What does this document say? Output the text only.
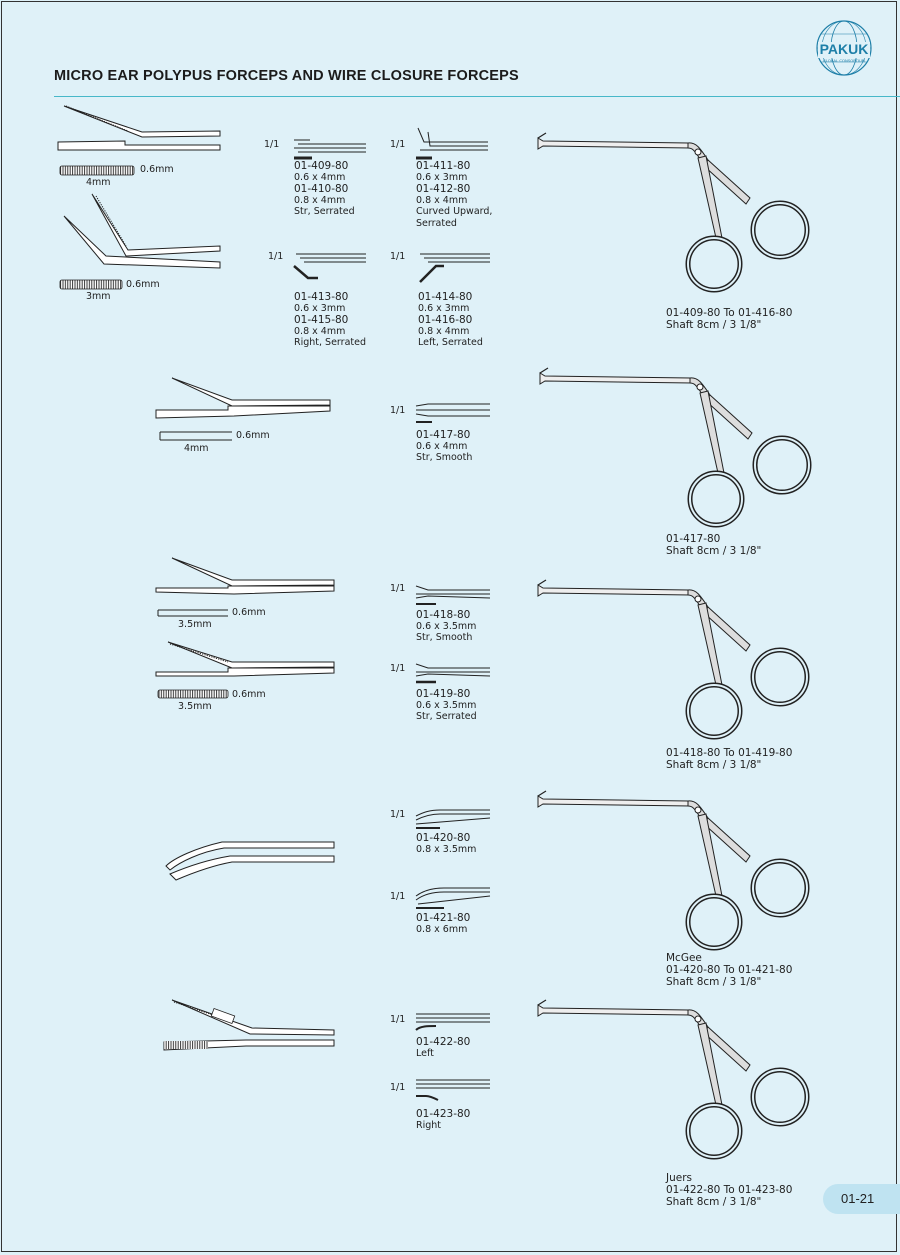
PAKUK
GLOBAL CONSORTIUM
MICRO EAR POLYPUS FORCEPS AND WIRE CLOSURE FORCEPS
0.6mm
4mm
0.6mm
3mm
1/1	1/1
1/1	1/1
1/1
1/1
1/1
1/1
1/1
1/1
1/1
01-409-80
0.6 x 4mm
01-410-80
0.8 x 4mm
Str, Serrated
01-411-80
0.6 x 3mm
01-412-80
0.8 x 4mm
Curved Upward,
Serrated
01-413-80
0.6 x 3mm
01-415-80
0.8 x 4mm
Right, Serrated
01-414-80
0.6 x 3mm
01-416-80
0.8 x 4mm
Left, Serrated
01-409-80 To 01-416-80
Shaft 8cm / 3 1/8"
0.6mm
4mm
01-417-80
0.6 x 4mm
Str, Smooth
01-417-80
Shaft 8cm / 3 1/8"
0.6mm
3.5mm
0.6mm
3.5mm
01-418-80
0.6 x 3.5mm
Str, Smooth
01-419-80
0.6 x 3.5mm
Str, Serrated
01-418-80 To 01-419-80
Shaft 8cm / 3 1/8"
01-420-80
0.8 x 3.5mm
01-421-80
0.8 x 6mm
McGee
01-420-80 To 01-421-80
Shaft 8cm / 3 1/8"
01-422-80
Left
01-423-80
Right
Juers
01-422-80 To 01-423-80
Shaft 8cm / 3 1/8"	01-21
